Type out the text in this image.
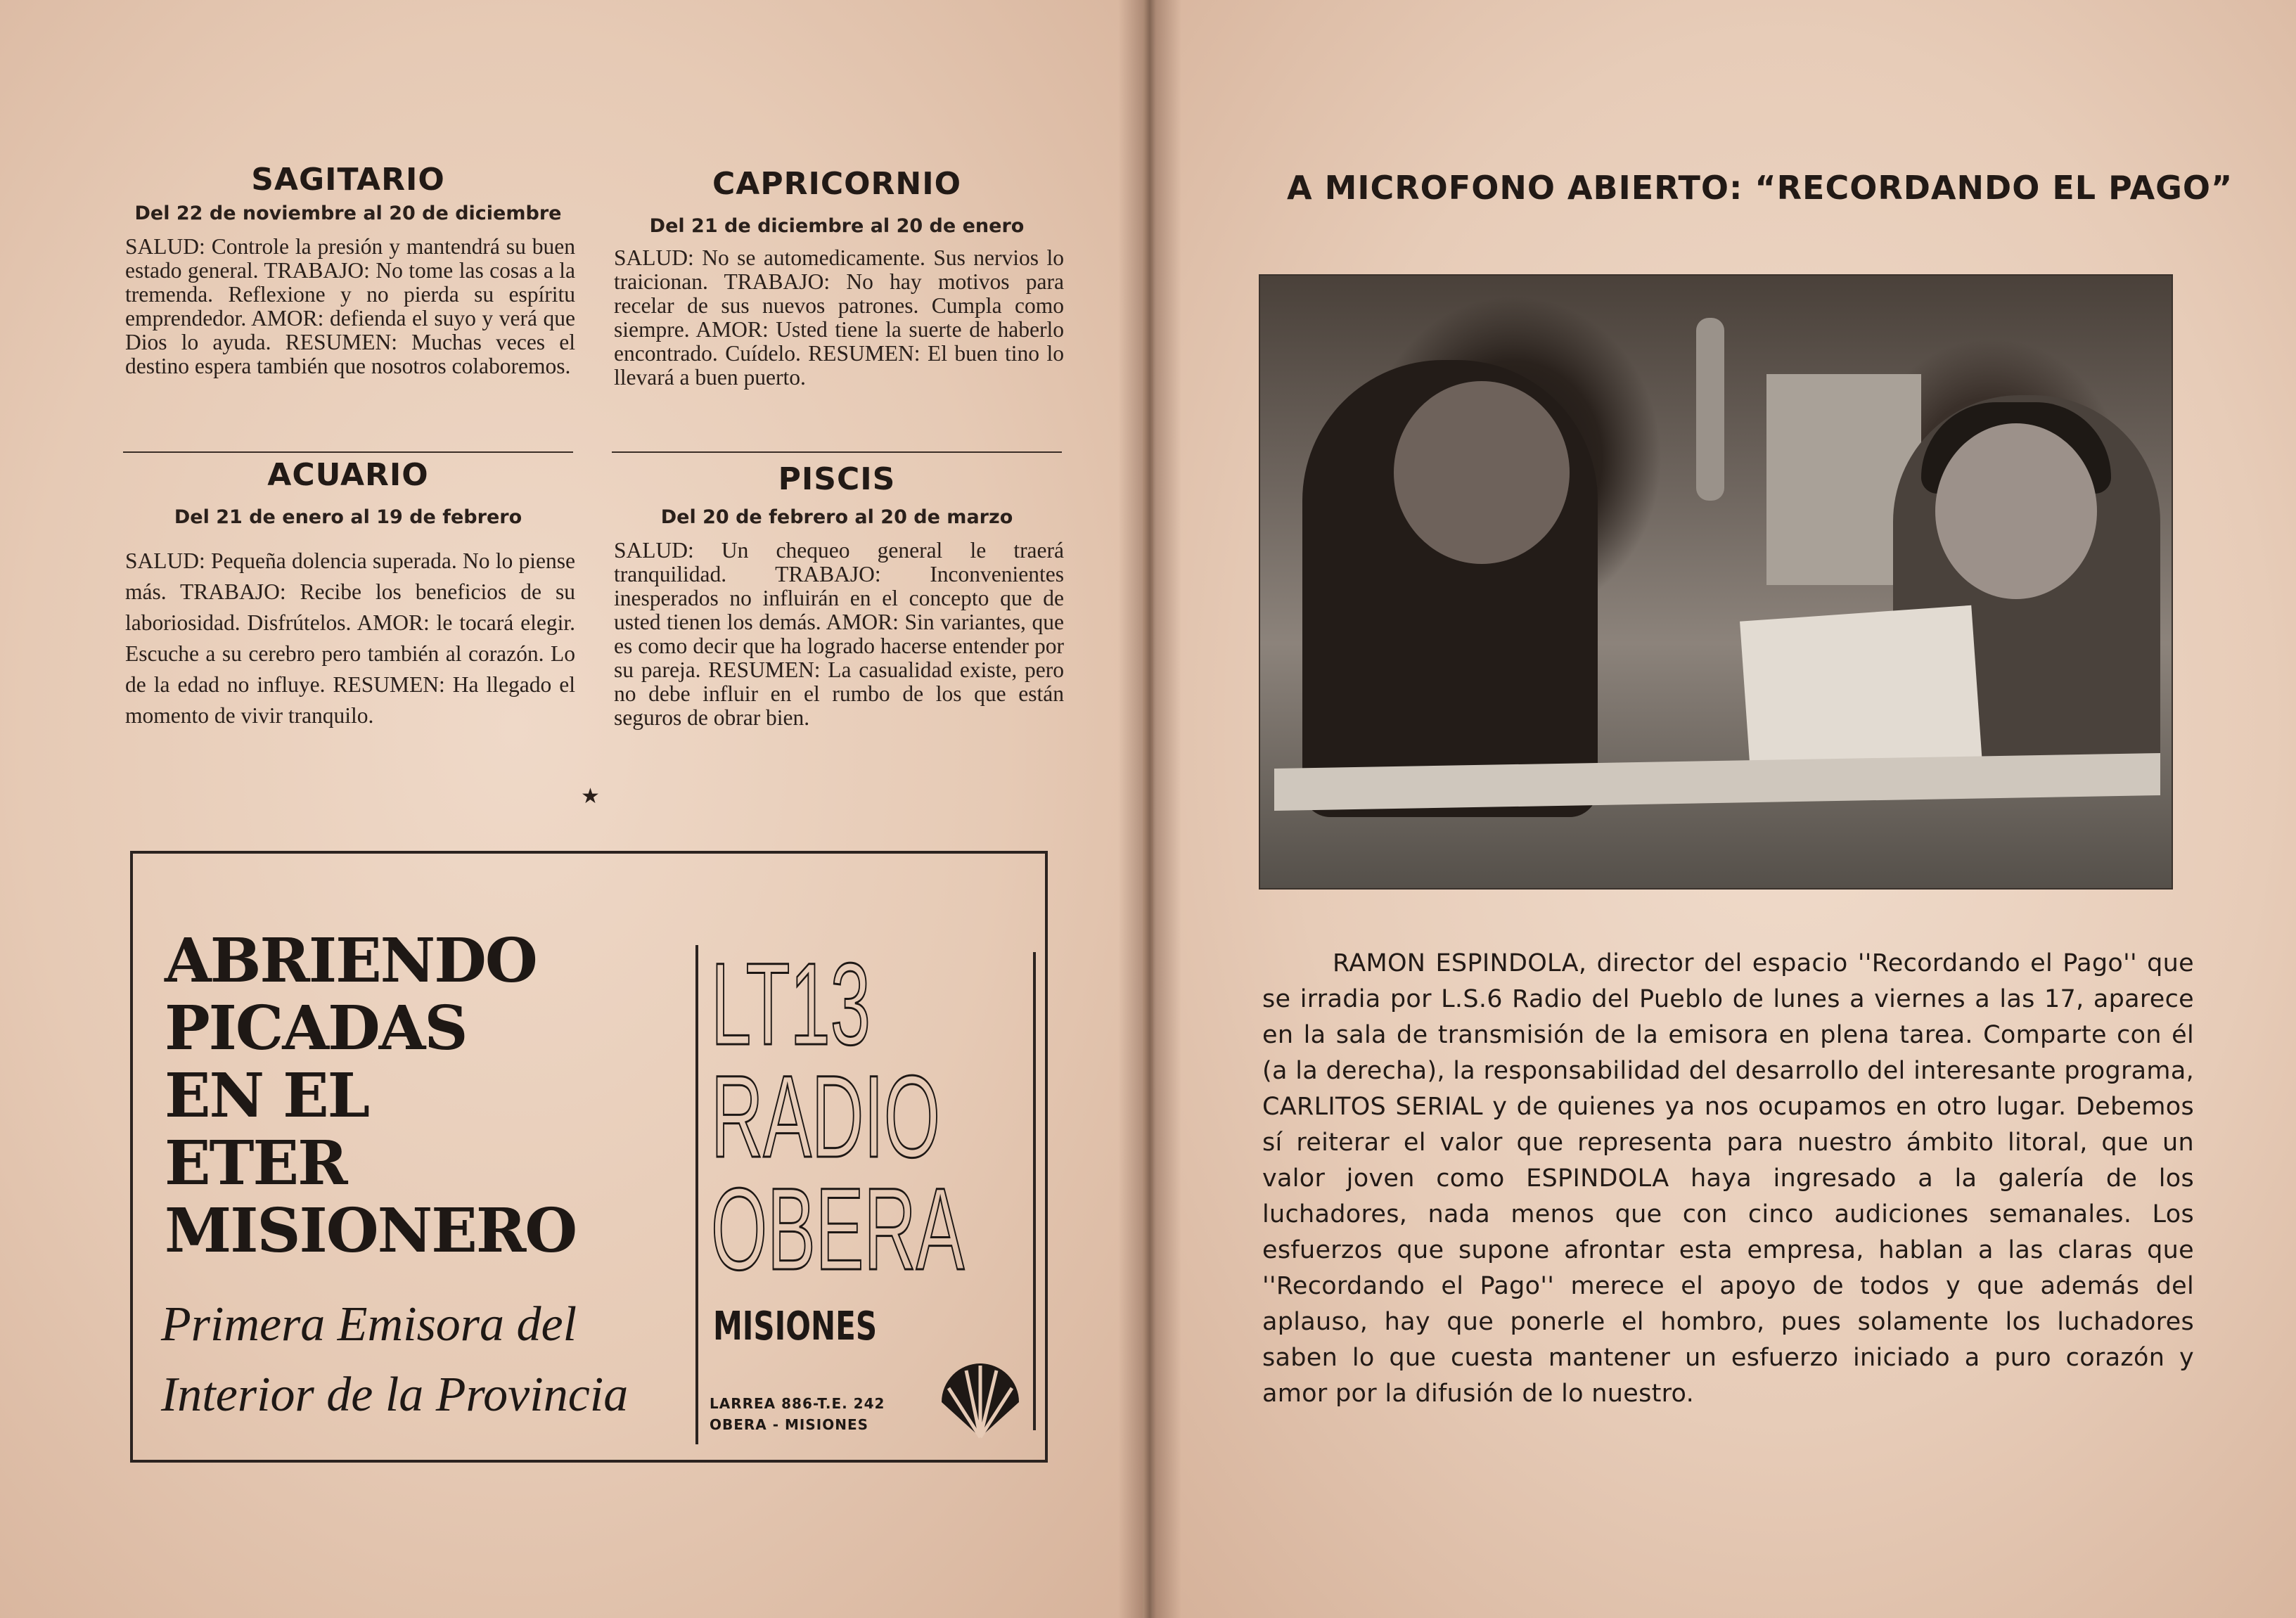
SAGITARIO
Del 22 de noviembre al 20 de diciembre
SALUD: Controle la presión y mantendrá su buen estado general. TRABAJO: No tome las cosas a la tremenda. Reflexione y no pierda su espíritu emprendedor. AMOR: defienda el suyo y verá que Dios lo ayuda. RESUMEN: Muchas veces el destino espera también que nosotros colaboremos.
CAPRICORNIO
Del 21 de diciembre al 20 de enero
SALUD: No se automedicamente. Sus nervios lo traicionan. TRABAJO: No hay motivos para recelar de sus nuevos patrones. Cumpla como siempre. AMOR: Usted tiene la suerte de haberlo encontrado. Cuídelo. RESUMEN: El buen tino lo llevará a buen puerto.
ACUARIO
Del 21 de enero al 19 de febrero
SALUD: Pequeña dolencia superada. No lo piense más. TRABAJO: Recibe los beneficios de su laboriosidad. Disfrútelos. AMOR: le tocará elegir. Escuche a su cerebro pero también al corazón. Lo de la edad no influye. RESUMEN: Ha llegado el momento de vivir tranquilo.
PISCIS
Del 20 de febrero al 20 de marzo
SALUD: Un chequeo general le traerá tranquilidad. TRABAJO: Inconvenientes inesperados no influirán en el concepto que de usted tienen los demás. AMOR: Sin variantes, que es como decir que ha logrado hacerse entender por su pareja. RESUMEN: La casualidad existe, pero no debe influir en el rumbo de los que están seguros de obrar bien.
★
ABRIENDO
PICADAS
EN EL
ETER
MISIONERO
Primera Emisora del
Interior de la Provincia
LT13
RADIO
OBERA
MISIONES
LARREA 886-T.E. 242
OBERA - MISIONES
A MICROFONO ABIERTO: “RECORDANDO EL PAGO”
RAMON ESPINDOLA, director del espacio ''Recordando el Pago'' que se irradia por L.S.6 Radio del Pueblo de lunes a viernes a las 17, aparece en la sala de transmisión de la emisora en plena tarea. Comparte con él (a la derecha), la responsabilidad del desarrollo del interesante programa, CARLITOS SERIAL y de quienes ya nos ocupamos en otro lugar. Debemos sí reiterar el valor que representa para nuestro ámbito litoral, que un valor joven como ESPINDOLA haya ingresado a la galería de los luchadores, nada menos que con cinco audiciones semanales. Los esfuerzos que supone afrontar esta empresa, hablan a las claras que ''Recordando el Pago'' merece el apoyo de todos y que además del aplauso, hay que ponerle el hombro, pues solamente los luchadores saben lo que cuesta mantener un esfuerzo iniciado a puro corazón y amor por la difusión de lo nuestro.
